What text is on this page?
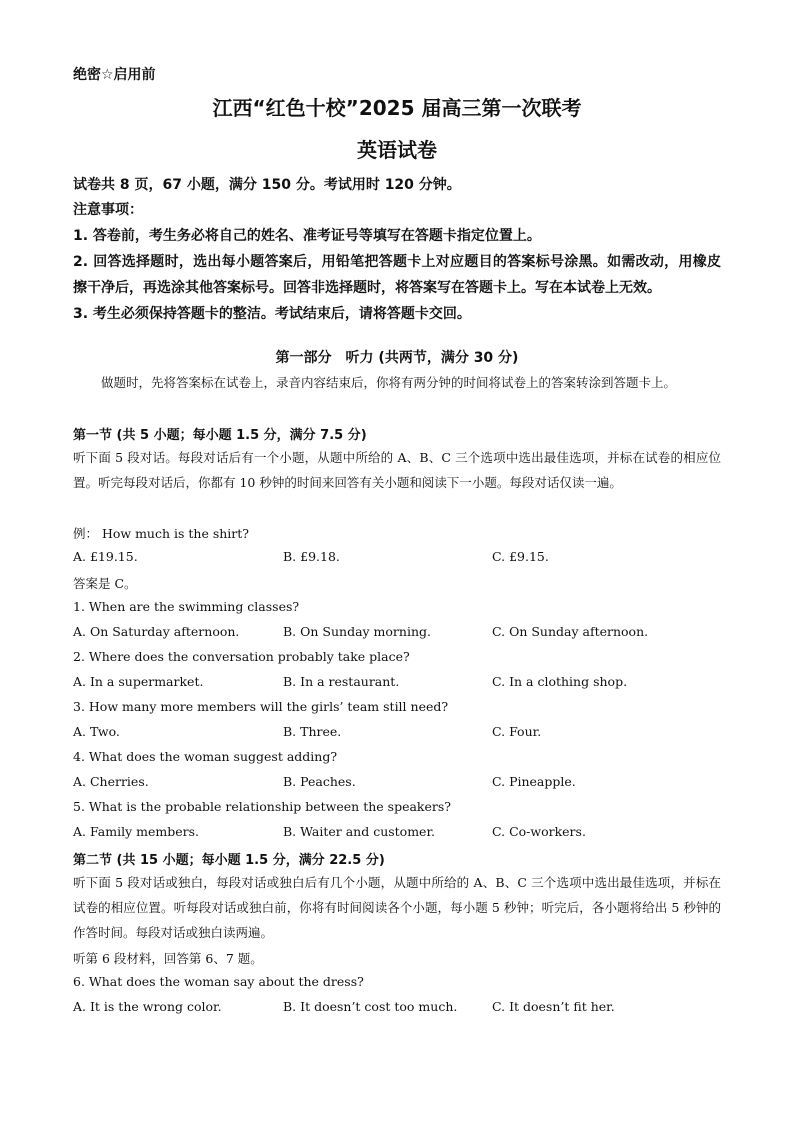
绝密☆启用前
江西“红色十校”2025 届高三第一次联考
英语试卷
试卷共 8 页，67 小题，满分 150 分。考试用时 120 分钟。
注意事项：
1. 答卷前，考生务必将自己的姓名、准考证号等填写在答题卡指定位置上。
2. 回答选择题时，选出每小题答案后，用铅笔把答题卡上对应题目的答案标号涂黑。如需改动，用橡皮擦干净后，再选涂其他答案标号。回答非选择题时，将答案写在答题卡上。写在本试卷上无效。
3. 考生必须保持答题卡的整洁。考试结束后，请将答题卡交回。
第一部分　听力 (共两节，满分 30 分)
做题时，先将答案标在试卷上，录音内容结束后，你将有两分钟的时间将试卷上的答案转涂到答题卡上。
第一节 (共 5 小题；每小题 1.5 分，满分 7.5 分)
听下面 5 段对话。每段对话后有一个小题，从题中所给的 A、B、C 三个选项中选出最佳选项，并标在试卷的相应位置。听完每段对话后，你都有 10 秒钟的时间来回答有关小题和阅读下一小题。每段对话仅读一遍。
例： How much is the shirt?
A. £19.15.	B. £9.18.	C. £9.15.
答案是 C。
1. When are the swimming classes?
A. On Saturday afternoon.	B. On Sunday morning.	C. On Sunday afternoon.
2. Where does the conversation probably take place?
A. In a supermarket.	B. In a restaurant.	C. In a clothing shop.
3. How many more members will the girls’ team still need?
A. Two.	B. Three.	C. Four.
4. What does the woman suggest adding?
A. Cherries.	B. Peaches.	C. Pineapple.
5. What is the probable relationship between the speakers?
A. Family members.	B. Waiter and customer.	C. Co-workers.
第二节 (共 15 小题；每小题 1.5 分，满分 22.5 分)
听下面 5 段对话或独白，每段对话或独白后有几个小题，从题中所给的 A、B、C 三个选项中选出最佳选项，并标在试卷的相应位置。听每段对话或独白前，你将有时间阅读各个小题，每小题 5 秒钟；听完后，各小题将给出 5 秒钟的作答时间。每段对话或独白读两遍。
听第 6 段材料，回答第 6、7 题。
6. What does the woman say about the dress?
A. It is the wrong color.	B. It doesn’t cost too much.	C. It doesn’t fit her.
